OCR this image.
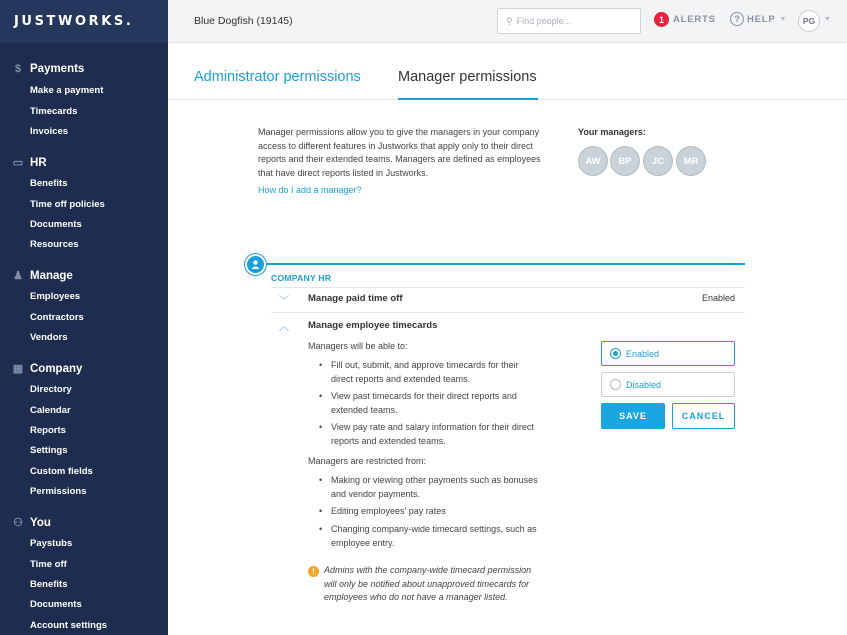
JUSTWORKS.
$ Payments
Make a payment
Timecards
Invoices
▭ HR
Benefits
Time off policies
Documents
Resources
♟ Manage
Employees
Contractors
Vendors
▦ Company
Directory
Calendar
Reports
Settings
Custom fields
Permissions
⚇ You
Paystubs
Time off
Benefits
Documents
Account settings
Blue Dogfish (19145)	⚲ Find people...	1 ALERTS	? HELP ▼	PG	▼
Administrator permissions	Manager permissions

Manager permissions allow you to give the managers in your company access to different features in Justworks that apply only to their direct reports and their extended teams. Managers are defined as employees that have direct reports listed in Justworks.

How do I add a manager?
Your managers:
AW	BP	JC	MR
COMPANY HR
﹀ Manage paid time off	Enabled
︿ Manage employee timecards
Managers will be able to:
• Fill out, submit, and approve timecards for their direct reports and extended teams.
• View past timecards for their direct reports and extended teams.
• View pay rate and salary information for their direct reports and extended teams.
Managers are restricted from:
• Making or viewing other payments such as bonuses and vendor payments.
• Editing employees' pay rates
• Changing company-wide timecard settings, such as employee entry.
!	Admins with the company-wide timecard permission will only be notified about unapproved timecards for employees who do not have a manager listed.

Enabled
Disabled
SAVE	CANCEL
